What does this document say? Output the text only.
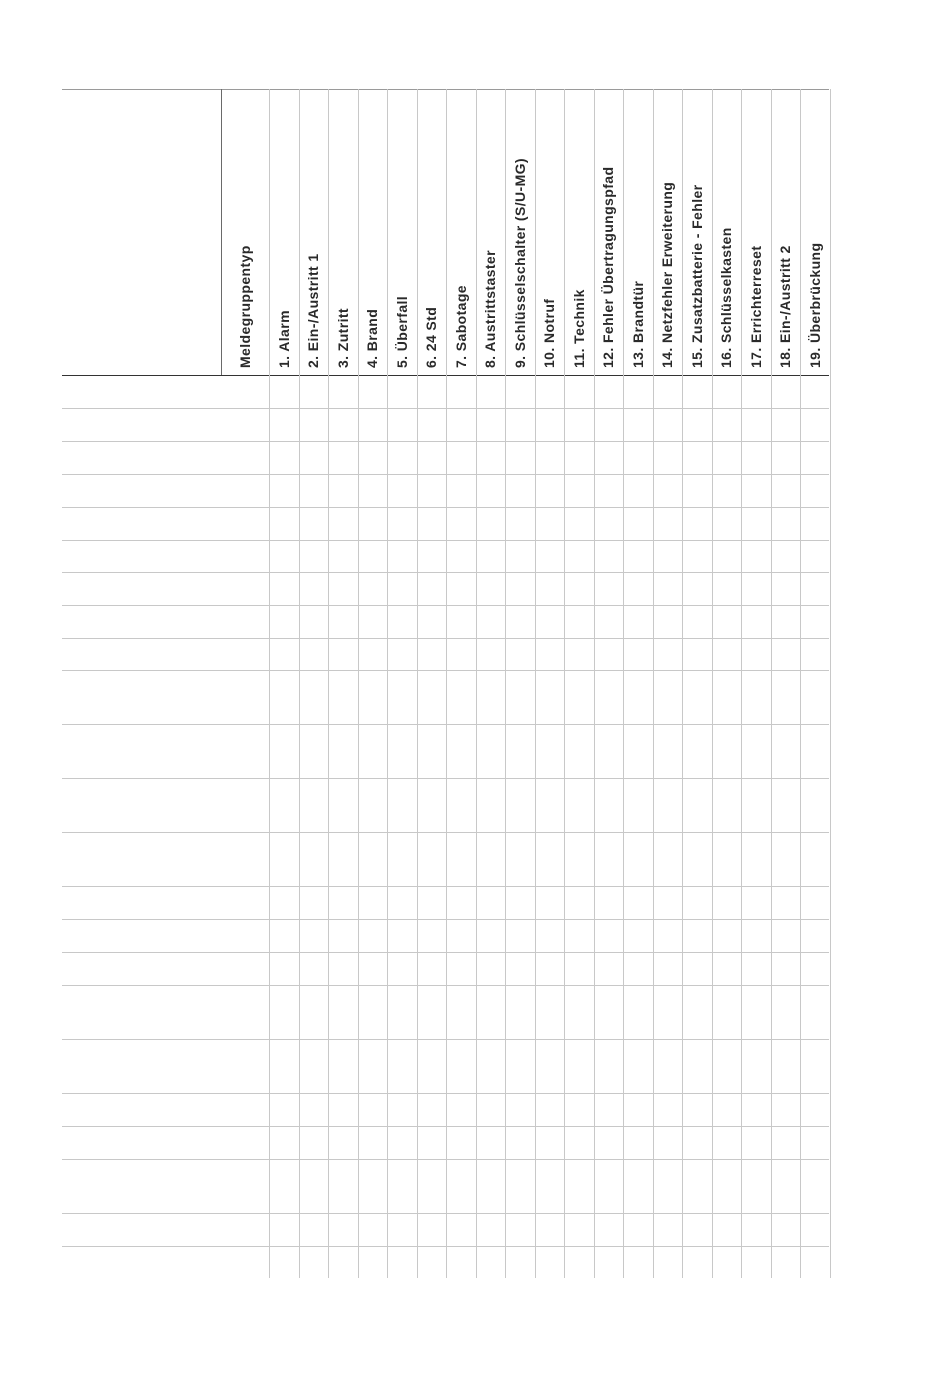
Meldegruppentyp 1. Alarm 2. Ein-/Austritt 1 3. Zutritt 4. Brand 5. Überfall 6. 24 Std 7. Sabotage 8. Austrittstaster 9. Schlüsselschalter (S/U-MG) 10. Notruf 11. Technik 12. Fehler Übertragungspfad 13. Brandtür 14. Netzfehler Erweiterung 15. Zusatzbatterie - Fehler 16. Schlüsselkasten 17. Errichterreset 18. Ein-/Austritt 2 19. Überbrückung
